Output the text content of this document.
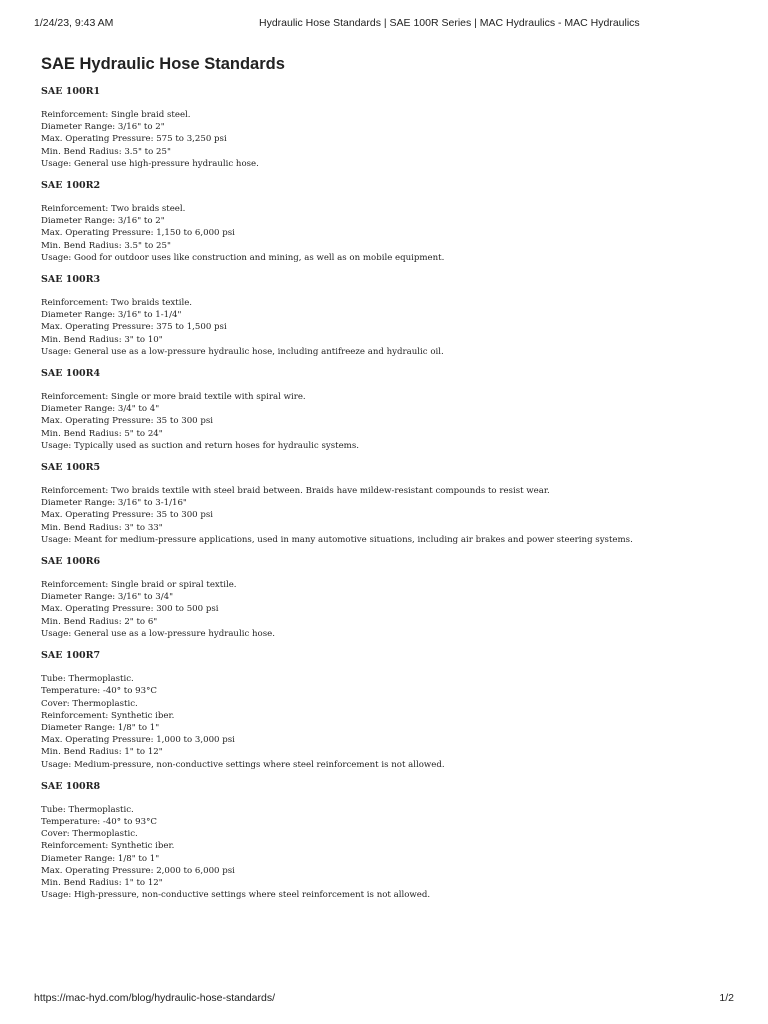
1/24/23, 9:43 AM	Hydraulic Hose Standards | SAE 100R Series | MAC Hydraulics - MAC Hydraulics
SAE Hydraulic Hose Standards
SAE 100R1
Reinforcement: Single braid steel.
Diameter Range: 3/16" to 2"
Max. Operating Pressure: 575 to 3,250 psi
Min. Bend Radius: 3.5" to 25"
Usage: General use high-pressure hydraulic hose.
SAE 100R2
Reinforcement: Two braids steel.
Diameter Range: 3/16" to 2"
Max. Operating Pressure: 1,150 to 6,000 psi
Min. Bend Radius: 3.5" to 25"
Usage: Good for outdoor uses like construction and mining, as well as on mobile equipment.
SAE 100R3
Reinforcement: Two braids textile.
Diameter Range: 3/16" to 1-1/4"
Max. Operating Pressure: 375 to 1,500 psi
Min. Bend Radius: 3" to 10"
Usage: General use as a low-pressure hydraulic hose, including antifreeze and hydraulic oil.
SAE 100R4
Reinforcement: Single or more braid textile with spiral wire.
Diameter Range: 3/4" to 4"
Max. Operating Pressure: 35 to 300 psi
Min. Bend Radius: 5" to 24"
Usage: Typically used as suction and return hoses for hydraulic systems.
SAE 100R5
Reinforcement: Two braids textile with steel braid between. Braids have mildew-resistant compounds to resist wear.
Diameter Range: 3/16" to 3-1/16"
Max. Operating Pressure: 35 to 300 psi
Min. Bend Radius: 3" to 33"
Usage: Meant for medium-pressure applications, used in many automotive situations, including air brakes and power steering systems.
SAE 100R6
Reinforcement: Single braid or spiral textile.
Diameter Range: 3/16" to 3/4"
Max. Operating Pressure: 300 to 500 psi
Min. Bend Radius: 2" to 6"
Usage: General use as a low-pressure hydraulic hose.
SAE 100R7
Tube: Thermoplastic.
Temperature: -40° to 93°C
Cover: Thermoplastic.
Reinforcement: Synthetic iber.
Diameter Range: 1/8" to 1"
Max. Operating Pressure: 1,000 to 3,000 psi
Min. Bend Radius: 1" to 12"
Usage: Medium-pressure, non-conductive settings where steel reinforcement is not allowed.
SAE 100R8
Tube: Thermoplastic.
Temperature: -40° to 93°C
Cover: Thermoplastic.
Reinforcement: Synthetic iber.
Diameter Range: 1/8" to 1"
Max. Operating Pressure: 2,000 to 6,000 psi
Min. Bend Radius: 1" to 12"
Usage: High-pressure, non-conductive settings where steel reinforcement is not allowed.
https://mac-hyd.com/blog/hydraulic-hose-standards/	1/2
